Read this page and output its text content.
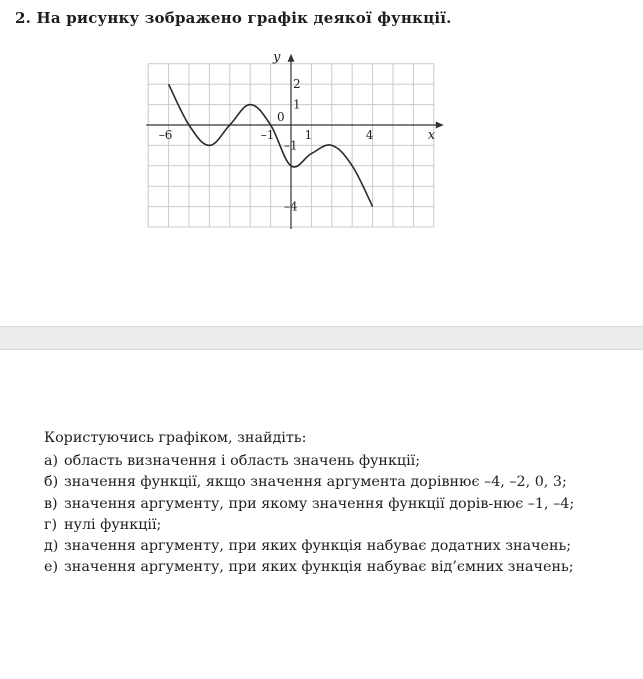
2. На рисунку зображено графік деякої функції.
–6	–1	1	4
2
1
–1
–4
0
x
y

Користуючись графіком, знайдіть:

а) область визначення і область значень функції;
б) значення функції, якщо значення аргумента дорівнює –4, –2, 0, 3;
в) значення аргументу, при якому значення функції дорів-нює –1, –4;
г) нулі функції;
д) значення аргументу, при яких функція набуває додатних значень;
е) значення аргументу, при яких функція набуває від’ємних значень;
